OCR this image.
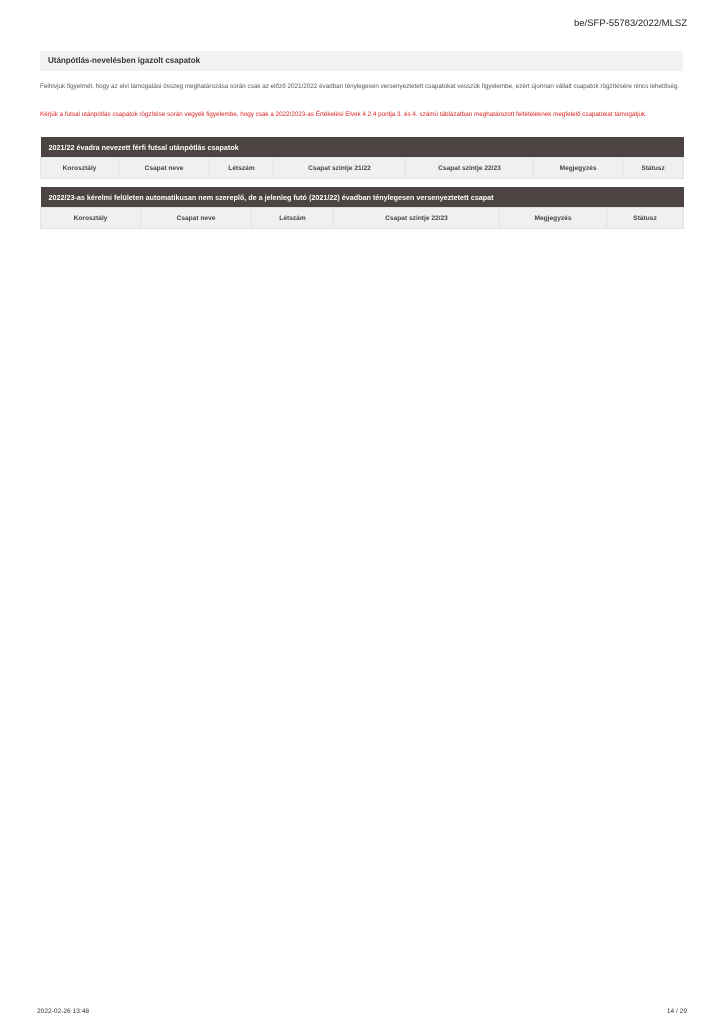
be/SFP-55783/2022/MLSZ
Utánpótlás-nevelésben igazolt csapatok

Felhívjuk figyelmét, hogy az elvi támogatási összeg meghatározása során csak az előző 2021/2022 évadban ténylegesen versenyeztetett csapatokat vesszük figyelembe, ezért újonnan vállalt csapatok rögzítésére nincs lehetőség.

Kérjük a futsal utánpótlás csapatok rögzítése során vegyék figyelembe, hogy csak a 2022/2023-as Értékelési Elvek 4.2.4 pontja 3. és 4. számú táblázatban meghatározott feltételeknek megfelelő csapatokat támogatjuk.

2021/22 évadra nevezett férfi futsal utánpótlás csapatok
Korosztály	Csapat neve	Létszám	Csapat szintje 21/22	Csapat szintje 22/23	Megjegyzés	Státusz
2022/23-as kérelmi felületen automatikusan nem szereplő, de a jelenleg futó (2021/22) évadban ténylegesen versenyeztetett csapat
Korosztály	Csapat neve	Létszám	Csapat szintje 22/23	Megjegyzés	Státusz
2022-02-26 13:48	14 / 29
